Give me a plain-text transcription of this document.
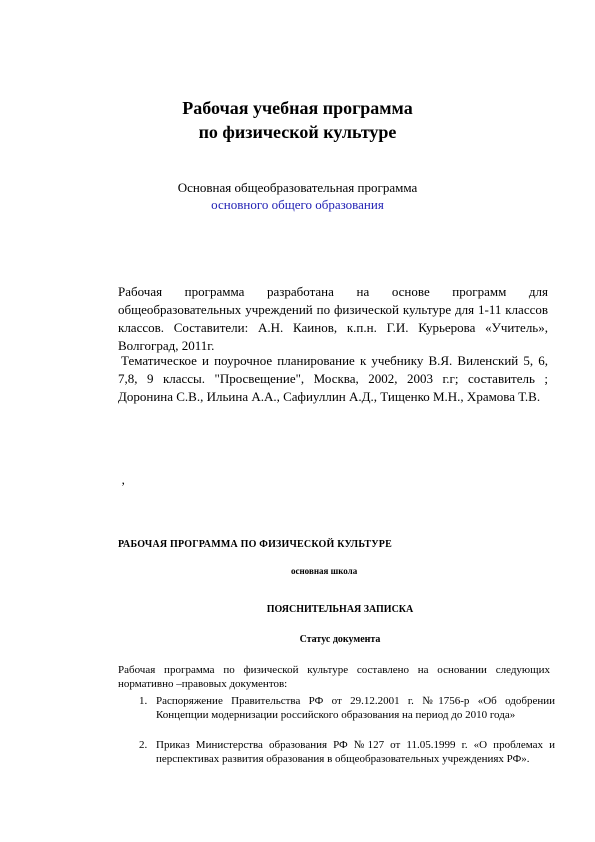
Рабочая учебная программа
по физической культуре
Основная общеобразовательная программа
основного общего образования
Рабочая программа разработана на основе программ для общеобразовательных учреждений по физической культуре для 1-11 классов классов. Составители: А.Н. Каинов, к.п.н. Г.И. Курьерова «Учитель», Волгоград, 2011г.
Тематическое и поурочное планирование к учебнику В.Я. Виленский 5, 6, 7,8, 9 классы. "Просвещение", Москва, 2002, 2003 г.г; составитель ; Доронина С.В., Ильина А.А., Сафиуллин А.Д., Тищенко М.Н., Храмова Т.В.
‚
РАБОЧАЯ ПРОГРАММА ПО ФИЗИЧЕСКОЙ КУЛЬТУРЕ
основная школа
ПОЯСНИТЕЛЬНАЯ ЗАПИСКА
Статус документа
Рабочая программа по физической культуре составлено на основании следующих нормативно –правовых документов:
1. Распоряжение Правительства РФ от 29.12.2001 г. №1756-р «Об одобрении Концепции модернизации российского образования на период до 2010 года»
2. Приказ Министерства образования РФ №127 от 11.05.1999 г. «О проблемах и перспективах развития образования в общеобразовательных учреждениях РФ».
